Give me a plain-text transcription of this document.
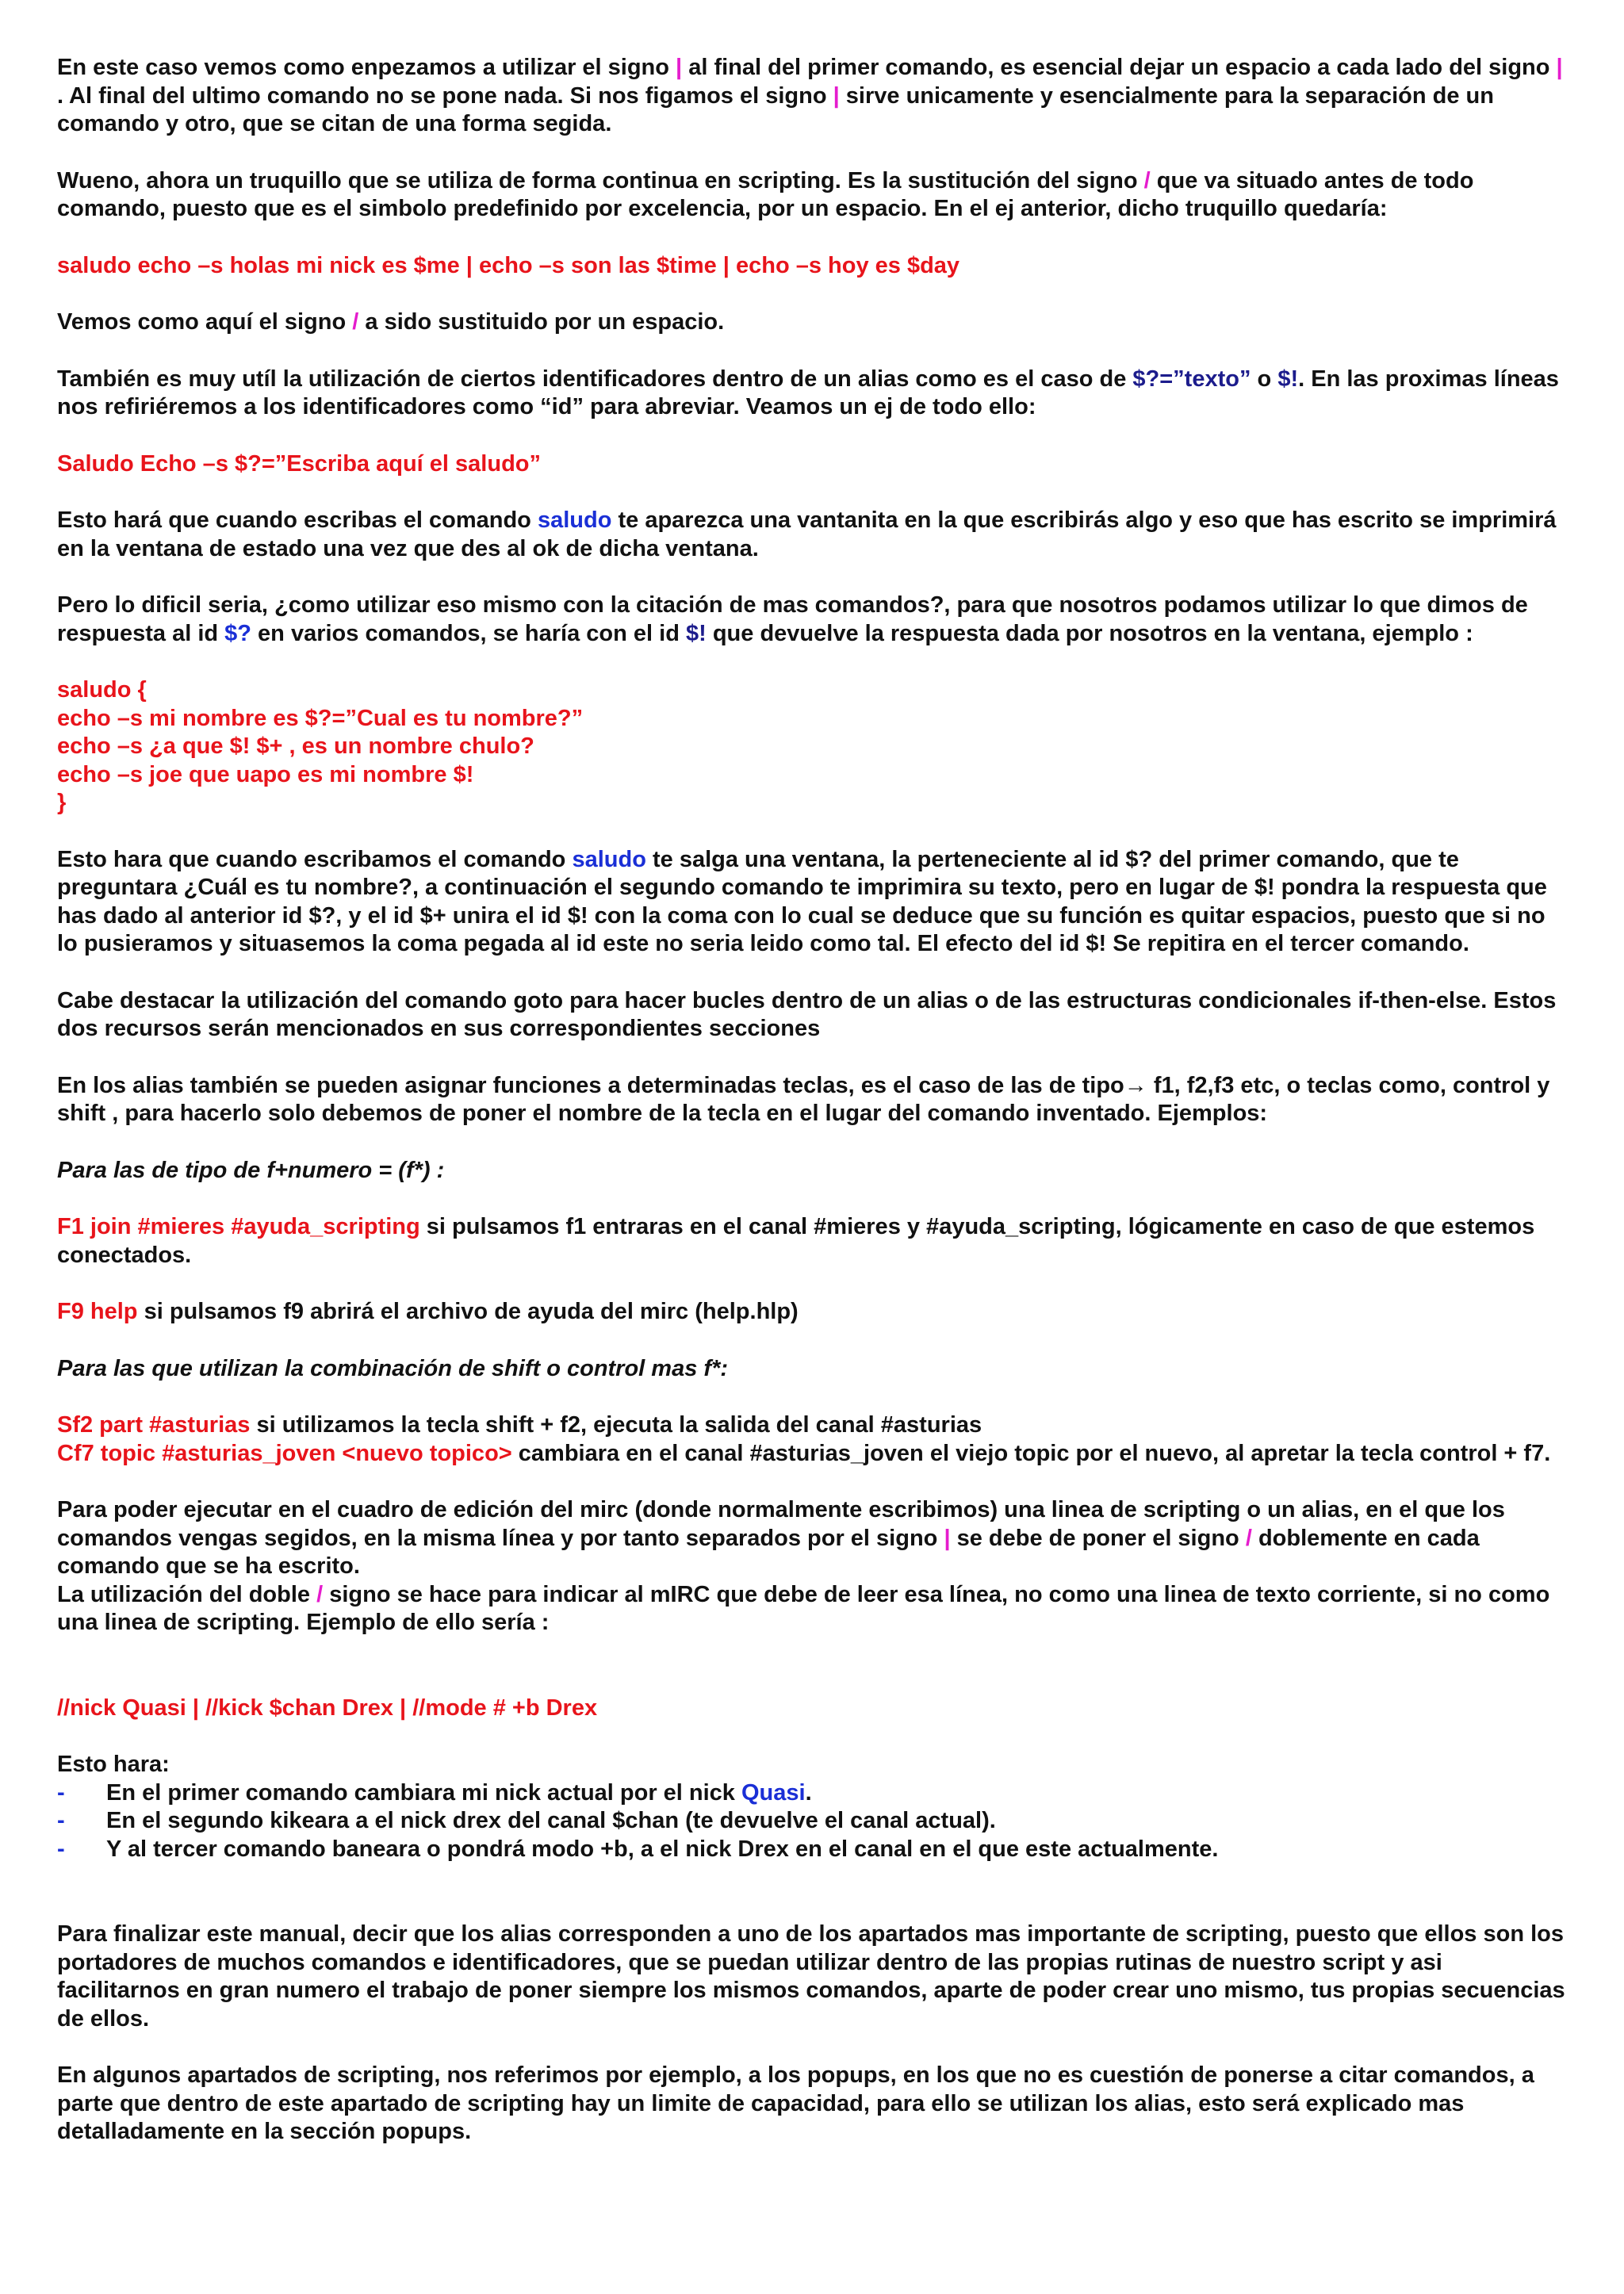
En este caso vemos como enpezamos a utilizar el signo | al final del primer comando, es esencial dejar un espacio a cada lado del signo | . Al final del ultimo comando no se pone nada. Si nos figamos el signo | sirve unicamente y esencialmente para la separación de un comando y otro, que se citan de una forma segida.

Wueno, ahora un truquillo que se utiliza de forma continua en scripting. Es la sustitución del signo / que va situado antes de todo comando, puesto que es el simbolo predefinido por excelencia, por un espacio. En el ej anterior, dicho truquillo quedaría:

saludo echo –s holas mi nick es $me | echo –s son las $time | echo –s hoy es $day

Vemos como aquí el signo / a sido sustituido por un espacio.

También es muy utíl la utilización de ciertos identificadores dentro de un alias como es el caso de $?=”texto” o $!. En las proximas líneas nos refiriéremos a los identificadores como “id” para abreviar. Veamos un ej de todo ello:

Saludo Echo –s $?=”Escriba aquí el saludo”

Esto hará que cuando escribas el comando saludo te aparezca una vantanita en la que escribirás algo y eso que has escrito se imprimirá en la ventana de estado una vez que des al ok de dicha ventana.

Pero lo dificil seria, ¿como utilizar eso mismo con la citación de mas comandos?, para que nosotros podamos utilizar lo que dimos de respuesta al id $? en varios comandos, se haría con el id $! que devuelve la respuesta dada por nosotros en la ventana, ejemplo :

saludo {
echo –s mi nombre es $?=”Cual es tu nombre?”
echo –s ¿a que $! $+ , es un nombre chulo?
echo –s joe que uapo es mi nombre $!
}

Esto hara que cuando escribamos el comando saludo te salga una ventana, la perteneciente al id $? del primer comando, que te preguntara ¿Cuál es tu nombre?, a continuación el segundo comando te imprimira su texto, pero en lugar de $! pondra la respuesta que has dado al anterior id $?, y el id $+ unira el id $! con la coma con lo cual se deduce que su función es quitar espacios, puesto que si no lo pusieramos y situasemos la coma pegada al id este no seria leido como tal. El efecto del id $! Se repitira en el tercer comando.

Cabe destacar la utilización del comando goto para hacer bucles dentro de un alias o de las estructuras condicionales if-then-else. Estos dos recursos serán mencionados en sus correspondientes secciones

En los alias también se pueden asignar funciones a determinadas teclas, es el caso de las de tipo→ f1, f2,f3 etc, o teclas como, control y shift , para hacerlo solo debemos de poner el nombre de la tecla en el lugar del comando inventado. Ejemplos:

Para las de tipo de f+numero = (f*) :

F1 join #mieres #ayuda_scripting si pulsamos f1 entraras en el canal #mieres y #ayuda_scripting, lógicamente en caso de que estemos conectados.

F9 help si pulsamos f9 abrirá el archivo de ayuda del mirc (help.hlp)

Para las que utilizan la combinación de shift o control mas f*:

Sf2 part #asturias si utilizamos la tecla shift + f2, ejecuta la salida del canal #asturias

Cf7 topic #asturias_joven <nuevo topico> cambiara en el canal #asturias_joven el viejo topic por el nuevo, al apretar la tecla control + f7.

Para poder ejecutar en el cuadro de edición del mirc (donde normalmente escribimos) una linea de scripting o un alias, en el que los comandos vengas segidos, en la misma línea y por tanto separados por el signo | se debe de poner el signo / doblemente en cada comando que se ha escrito.

La utilización del doble / signo se hace para indicar al mIRC que debe de leer esa línea, no como una linea de texto corriente, si no como una linea de scripting. Ejemplo de ello sería :

//nick Quasi | //kick $chan Drex | //mode # +b Drex

Esto hara:

- En el primer comando cambiara mi nick actual por el nick Quasi.
- En el segundo kikeara a el nick drex del canal $chan (te devuelve el canal actual).
- Y al tercer comando baneara o pondrá modo +b, a el nick Drex en el canal en el que este actualmente.

Para finalizar este manual, decir que los alias corresponden a uno de los apartados mas importante de scripting, puesto que ellos son los portadores de muchos comandos e identificadores, que se puedan utilizar dentro de las propias rutinas de nuestro script y asi facilitarnos en gran numero el trabajo de poner siempre los mismos comandos, aparte de poder crear uno mismo, tus propias secuencias de ellos.

En algunos apartados de scripting, nos referimos por ejemplo, a los popups, en los que no es cuestión de ponerse a citar comandos, a parte que dentro de este apartado de scripting hay un limite de capacidad, para ello se utilizan los alias, esto será explicado mas detalladamente en la sección popups.
